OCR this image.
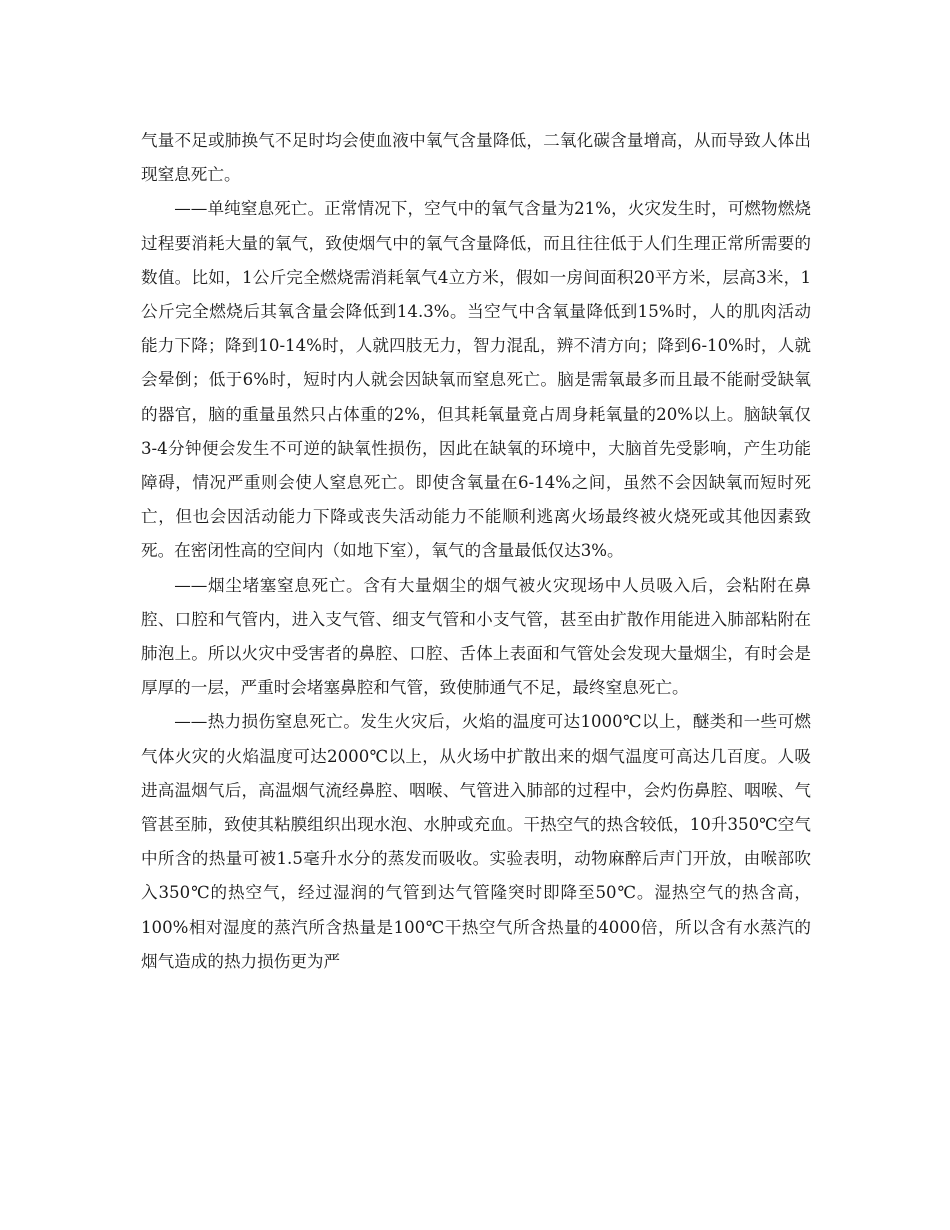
气量不足或肺换气不足时均会使血液中氧气含量降低，二氧化碳含量增高，从而导致人体出现窒息死亡。

——单纯窒息死亡。正常情况下，空气中的氧气含量为21%，火灾发生时，可燃物燃烧过程要消耗大量的氧气，致使烟气中的氧气含量降低，而且往往低于人们生理正常所需要的数值。比如，1公斤完全燃烧需消耗氧气4立方米，假如一房间面积20平方米，层高3米，1公斤完全燃烧后其氧含量会降低到14.3%。当空气中含氧量降低到15%时，人的肌肉活动能力下降；降到10-14%时，人就四肢无力，智力混乱，辨不清方向；降到6-10%时，人就会晕倒；低于6%时，短时内人就会因缺氧而窒息死亡。脑是需氧最多而且最不能耐受缺氧的器官，脑的重量虽然只占体重的2%，但其耗氧量竟占周身耗氧量的20%以上。脑缺氧仅3-4分钟便会发生不可逆的缺氧性损伤，因此在缺氧的环境中，大脑首先受影响，产生功能障碍，情况严重则会使人窒息死亡。即使含氧量在6-14%之间，虽然不会因缺氧而短时死亡，但也会因活动能力下降或丧失活动能力不能顺利逃离火场最终被火烧死或其他因素致死。在密闭性高的空间内（如地下室），氧气的含量最低仅达3%。

——烟尘堵塞窒息死亡。含有大量烟尘的烟气被火灾现场中人员吸入后，会粘附在鼻腔、口腔和气管内，进入支气管、细支气管和小支气管，甚至由扩散作用能进入肺部粘附在肺泡上。所以火灾中受害者的鼻腔、口腔、舌体上表面和气管处会发现大量烟尘，有时会是厚厚的一层，严重时会堵塞鼻腔和气管，致使肺通气不足，最终窒息死亡。

——热力损伤窒息死亡。发生火灾后，火焰的温度可达1000℃以上，醚类和一些可燃气体火灾的火焰温度可达2000℃以上，从火场中扩散出来的烟气温度可高达几百度。人吸进高温烟气后，高温烟气流经鼻腔、咽喉、气管进入肺部的过程中，会灼伤鼻腔、咽喉、气管甚至肺，致使其粘膜组织出现水泡、水肿或充血。干热空气的热含较低，10升350℃空气中所含的热量可被1.5毫升水分的蒸发而吸收。实验表明，动物麻醉后声门开放，由喉部吹入350℃的热空气，经过湿润的气管到达气管隆突时即降至50℃。湿热空气的热含高，100%相对湿度的蒸汽所含热量是100℃干热空气所含热量的4000倍，所以含有水蒸汽的烟气造成的热力损伤更为严
